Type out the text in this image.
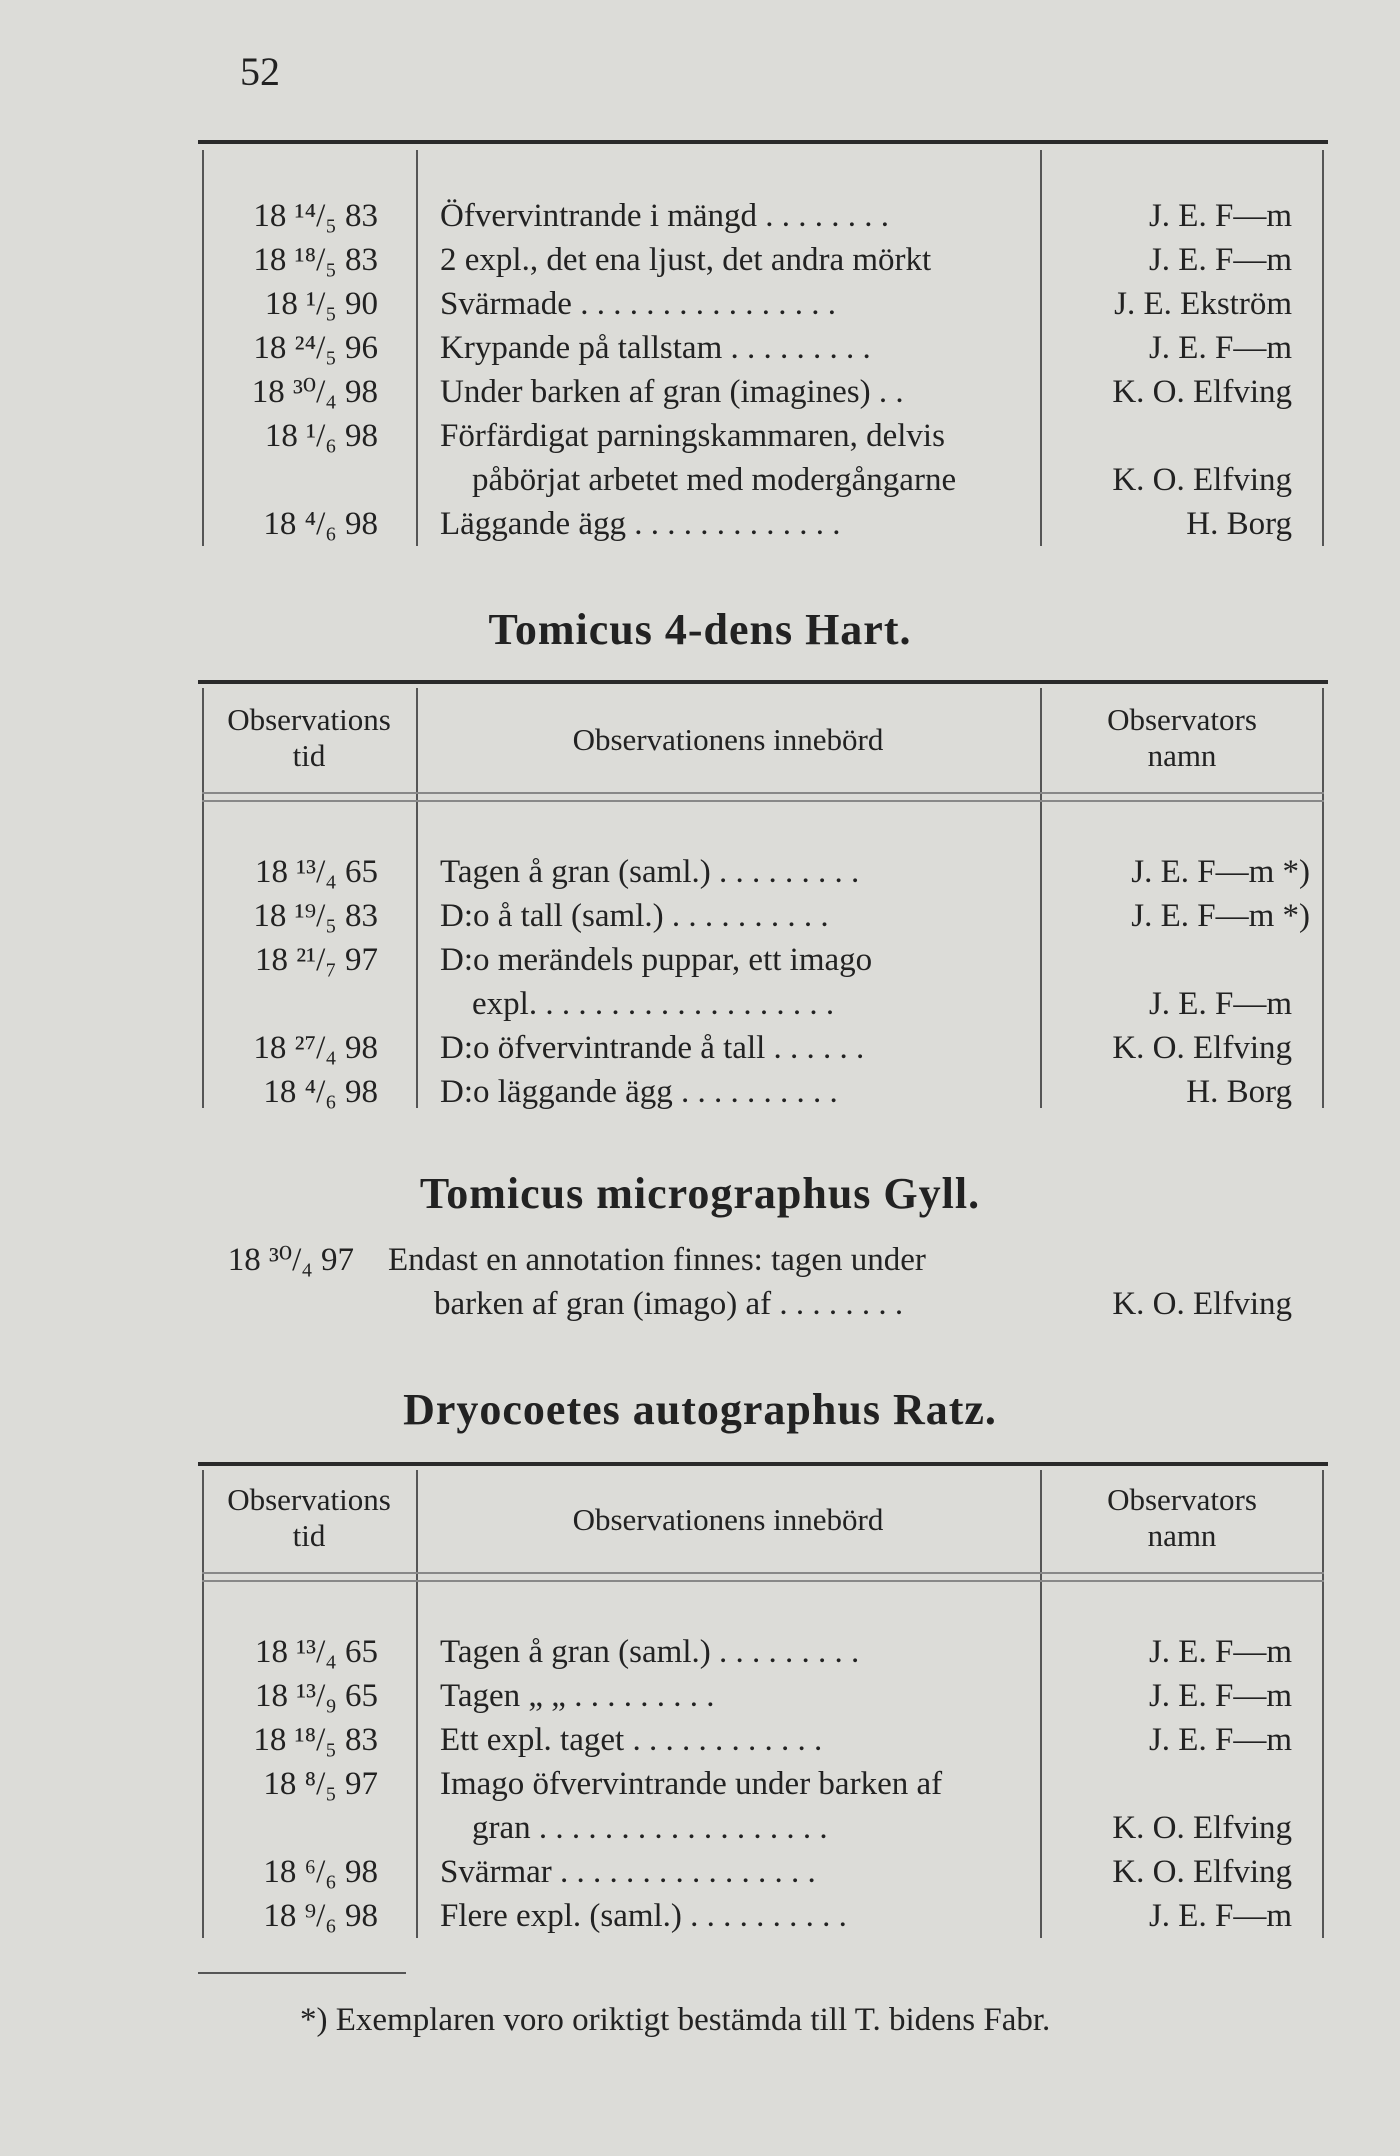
52
18 ¹⁴/₅ 83 Öfvervintrande i mängd . . . . . . . .	J. E. F—m
18 ¹⁸/₅ 83 2 expl., det ena ljust, det andra mörkt	J. E. F—m
18 ¹/₅ 90 Svärmade . . . . . . . . . . . . . . . .	J. E. Ekström
18 ²⁴/₅ 96 Krypande på tallstam . . . . . . . . .	J. E. F—m
18 ³⁰/₄ 98 Under barken af gran (imagines) . .	K. O. Elfving
18 ¹/₆ 98 Förfärdigat parningskammaren, delvis
påbörjat arbetet med modergångarne	K. O. Elfving
18 ⁴/₆ 98 Läggande ägg . . . . . . . . . . . . .	H. Borg
Tomicus 4-dens Hart.
Observations
tid	Observationens innebörd
Observators
namn
18 ¹³/₄ 65 Tagen å gran (saml.) . . . . . . . . .	J. E. F—m *)
18 ¹⁹/₅ 83 D:o å tall (saml.) . . . . . . . . . .	J. E. F—m *)
18 ²¹/₇ 97 D:o merändels puppar, ett imago
expl. . . . . . . . . . . . . . . . . . .	J. E. F—m
18 ²⁷/₄ 98 D:o öfvervintrande å tall . . . . . .	K. O. Elfving
18 ⁴/₆ 98 D:o läggande ägg . . . . . . . . . .	H. Borg
Tomicus micrographus Gyll.
18 ³⁰/₄ 97 Endast en annotation finnes: tagen under
barken af gran (imago) af . . . . . . . .	K. O. Elfving
Dryocoetes autographus Ratz.
Observations
tid	Observationens innebörd
Observators
namn
18 ¹³/₄ 65 Tagen å gran (saml.) . . . . . . . . .	J. E. F—m
18 ¹³/₉ 65 Tagen „ „ . . . . . . . . .	J. E. F—m
18 ¹⁸/₅ 83 Ett expl. taget . . . . . . . . . . . .	J. E. F—m
18 ⁸/₅ 97 Imago öfvervintrande under barken af
gran . . . . . . . . . . . . . . . . . .	K. O. Elfving
18 ⁶/₆ 98 Svärmar . . . . . . . . . . . . . . . .	K. O. Elfving
18 ⁹/₆ 98 Flere expl. (saml.) . . . . . . . . . .	J. E. F—m
*) Exemplaren voro oriktigt bestämda till T. bidens Fabr.
